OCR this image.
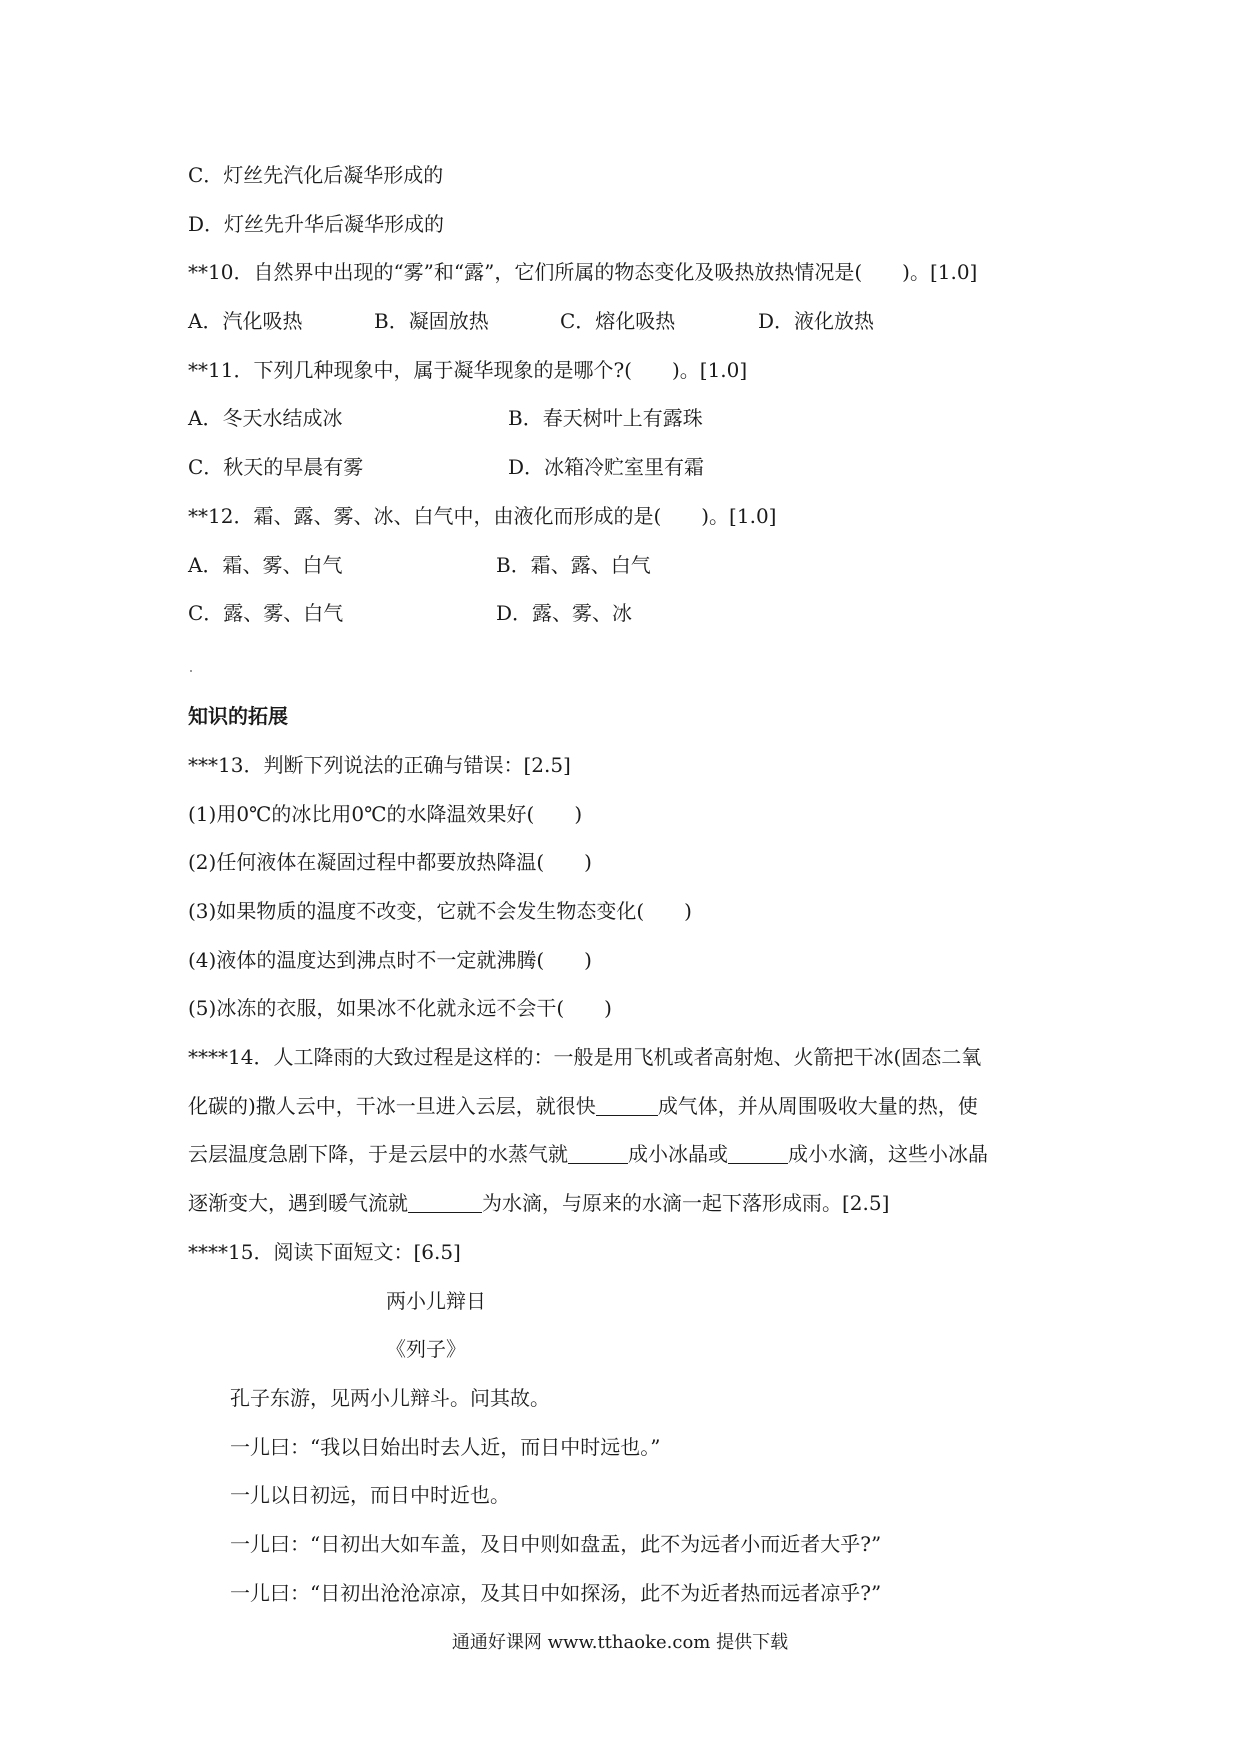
C．灯丝先汽化后凝华形成的
D．灯丝先升华后凝华形成的
**10．自然界中出现的“雾”和“露”，它们所属的物态变化及吸热放热情况是(　　)。[1.0]
A．汽化吸热	B．凝固放热	C．熔化吸热	D．液化放热
**11．下列几种现象中，属于凝华现象的是哪个?(　　)。[1.0]
A．冬天水结成冰	B．春天树叶上有露珠
C．秋天的早晨有雾	D．冰箱冷贮室里有霜
**12．霜、露、雾、冰、白气中，由液化而形成的是(　　)。[1.0]
A．霜、雾、白气	B．霜、露、白气
C．露、雾、白气	D．露、雾、冰
知识的拓展
***13．判断下列说法的正确与错误：[2.5]
(1)用0℃的冰比用0℃的水降温效果好(　　)
(2)任何液体在凝固过程中都要放热降温(　　)
(3)如果物质的温度不改变，它就不会发生物态变化(　　)
(4)液体的温度达到沸点时不一定就沸腾(　　)
(5)冰冻的衣服，如果冰不化就永远不会干(　　)
****14．人工降雨的大致过程是这样的：一般是用飞机或者高射炮、火箭把干冰(固态二氧
化碳的)撒人云中，干冰一旦进入云层，就很快	成气体，并从周围吸收大量的热，使
云层温度急剧下降，于是云层中的水蒸气就	成小冰晶或	成小水滴，这些小冰晶
逐渐变大，遇到暖气流就	为水滴，与原来的水滴一起下落形成雨。[2.5]
****15．阅读下面短文：[6.5]
两小儿辩日
《列子》
孔子东游，见两小儿辩斗。问其故。
一儿曰：“我以日始出时去人近，而日中时远也。”
一儿以日初远，而日中时近也。
一儿曰：“日初出大如车盖，及日中则如盘盂，此不为远者小而近者大乎?”
一儿曰：“日初出沧沧凉凉，及其日中如探汤，此不为近者热而远者凉乎?”
通通好课网 www.tthaoke.com 提供下载
